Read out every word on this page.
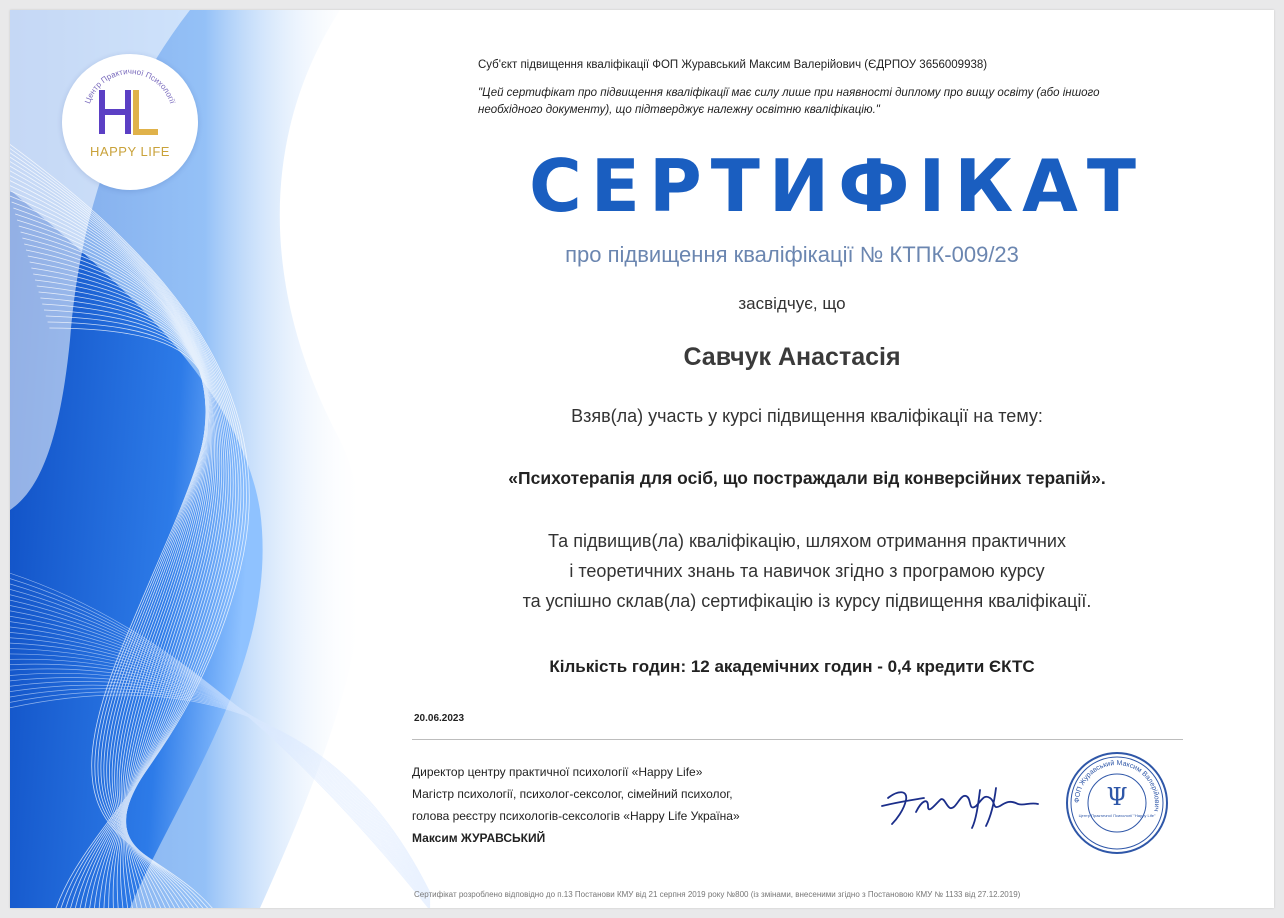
Центр Практичної Психології
HAPPY LIFE
Суб'єкт підвищення кваліфікації ФОП Журавський Максим Валерійович (ЄДРПОУ 3656009938)
"Цей сертифікат про підвищення кваліфікації має силу лише при наявності диплому про вищу освіту (або іншого необхідного документу), що підтверджує належну освітню кваліфікацію."
СЕРТИФІКАТ
про підвищення кваліфікації № КТПК-009/23
засвідчує, що
Савчук Анастасія
Взяв(ла) участь у курсі підвищення кваліфікації на тему:
«Психотерапія для осіб, що постраждали від конверсійних терапій».
Та підвищив(ла) кваліфікацію, шляхом отримання практичних
і теоретичних знань та навичок згідно з програмою курсу
та успішно склав(ла) сертифікацію із курсу підвищення кваліфікації.
Кількість годин: 12 академічних годин - 0,4 кредити ЄКТС
20.06.2023
Директор центру практичної психології «Happy Life»
Магістр психології, психолог-сексолог, сімейний психолог,
голова реєстру психологів-сексологів «Happy Life Україна»
Максим ЖУРАВСЬКИЙ
ФОП Журавський Максим Валерійович
Ψ
Центр Практичної Психології "Happy Life"
Сертифікат розроблено відповідно до п.13 Постанови КМУ від 21 серпня 2019 року №800 (із змінами, внесеними згідно з Постановою КМУ № 1133 від 27.12.2019)
